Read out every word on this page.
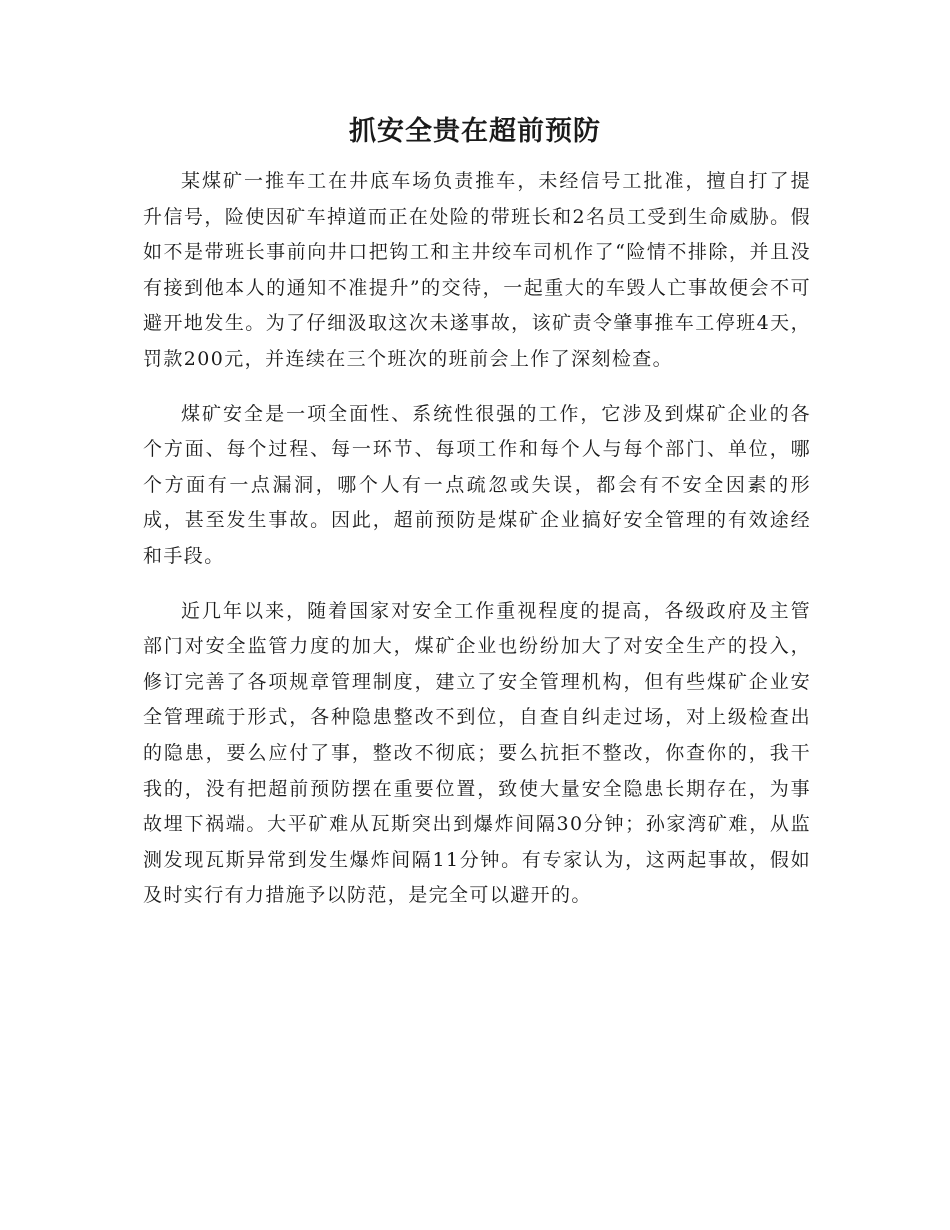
抓安全贵在超前预防

某煤矿一推车工在井底车场负责推车，未经信号工批准，擅自打了提升信号，险使因矿车掉道而正在处险的带班长和2名员工受到生命威胁。假如不是带班长事前向井口把钩工和主井绞车司机作了“险情不排除，并且没有接到他本人的通知不准提升”的交待，一起重大的车毁人亡事故便会不可避开地发生。为了仔细汲取这次未遂事故，该矿责令肇事推车工停班4天，罚款200元，并连续在三个班次的班前会上作了深刻检查。

煤矿安全是一项全面性、系统性很强的工作，它涉及到煤矿企业的各个方面、每个过程、每一环节、每项工作和每个人与每个部门、单位，哪个方面有一点漏洞，哪个人有一点疏忽或失误，都会有不安全因素的形成，甚至发生事故。因此，超前预防是煤矿企业搞好安全管理的有效途经和手段。

近几年以来，随着国家对安全工作重视程度的提高，各级政府及主管部门对安全监管力度的加大，煤矿企业也纷纷加大了对安全生产的投入，修订完善了各项规章管理制度，建立了安全管理机构，但有些煤矿企业安全管理疏于形式，各种隐患整改不到位，自查自纠走过场，对上级检查出的隐患，要么应付了事，整改不彻底；要么抗拒不整改，你查你的，我干我的，没有把超前预防摆在重要位置，致使大量安全隐患长期存在，为事故埋下祸端。大平矿难从瓦斯突出到爆炸间隔30分钟；孙家湾矿难，从监测发现瓦斯异常到发生爆炸间隔11分钟。有专家认为，这两起事故，假如及时实行有力措施予以防范，是完全可以避开的。
